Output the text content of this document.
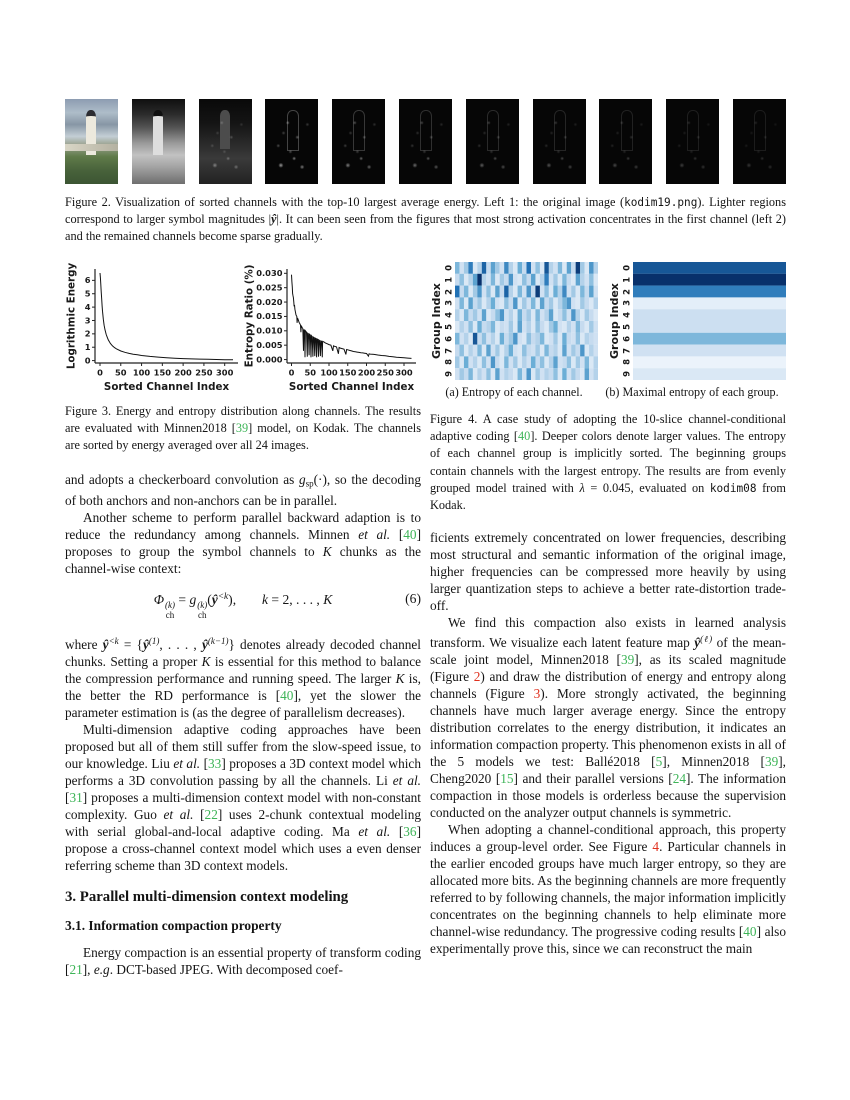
Figure 2. Visualization of sorted channels with the top-10 largest average energy. Left 1: the original image (kodim19.png). Lighter regions correspond to larger symbol magnitudes |ŷ|. It can been seen from the figures that most strong activation concentrates in the first channel (left 2) and the remained channels become sparse gradually.
0 50 100 150 200 250 300
0
1
2
3
4
5
6
Sorted Channel Index
Logrithmic Energy
0 50 100 150 200 250 300
0.000
0.005
0.010
0.015
0.020
0.025
0.030
Sorted Channel Index
Entropy Ratio (%)
Figure 3. Energy and entropy distribution along channels. The results are evaluated with Minnen2018 [39] model, on Kodak. The channels are sorted by energy averaged over all 24 images.

and adopts a checkerboard convolution as $g_{sp}(\cdot)$, so the decoding of both anchors and non-anchors can be in parallel.

Another scheme to perform parallel backward adaption is to reduce the redundancy among channels. Minnen et al. [40] proposes to group the symbol channels to K chunks as the channel-wise context:

Φ (k)
ch
= g (k)
ch
$(ŷ^{<k})$, k = 2, . . . , K	(6)

where $ŷ^{<k}$ = {$ŷ^{(1)}$, . . . , $ŷ^{(k-1)}$} denotes already decoded channel chunks. Setting a proper K is essential for this method to balance the compression performance and running speed. The larger K is, the better the RD performance is [40], yet the slower the parameter estimation is (as the degree of parallelism decreases).

Multi-dimension adaptive coding approaches have been proposed but all of them still suffer from the slow-speed issue, to our knowledge. Liu et al. [33] proposes a 3D context model which performs a 3D convolution passing by all the channels. Li et al. [31] proposes a multi-dimension context model with non-constant complexity. Guo et al. [22] uses 2-chunk contextual modeling with serial global-and-local adaptive coding. Ma et al. [36] propose a cross-channel context model which uses a even denser referring scheme than 3D context models.

3. Parallel multi-dimension context modeling
3.1. Information compaction property

Energy compaction is an essential property of transform coding [21], e.g. DCT-based JPEG. With decomposed coef-

Group Index
0
1
2
3
4
5
6
7
8
9
Group Index
0
1
2
3
4
5
6
7
8
9
(a) Entropy of each channel.	(b) Maximal entropy of each group.
Figure 4. A case study of adopting the 10-slice channel-conditional adaptive coding [40]. Deeper colors denote larger values. The entropy of each channel group is implicitly sorted. The beginning groups contain channels with the largest entropy. The results are from evenly grouped model trained with λ = 0.045, evaluated on kodim08 from Kodak.

ficients extremely concentrated on lower frequencies, describing most structural and semantic information of the original image, higher frequencies can be compressed more heavily by using larger quantization steps to achieve a better rate-distortion trade-off.

We find this compaction also exists in learned analysis transform. We visualize each latent feature map $ŷ^{(\ell)}$ of the mean-scale joint model, Minnen2018 [39], as its scaled magnitude (Figure 2) and draw the distribution of energy and entropy along channels (Figure 3). More strongly activated, the beginning channels have much larger average energy. Since the entropy distribution correlates to the energy distribution, it indicates an information compaction property. This phenomenon exists in all of the 5 models we test: Ballé2018 [5], Minnen2018 [39], Cheng2020 [15] and their parallel versions [24]. The information compaction in those models is orderless because the supervision conducted on the analyzer output channels is symmetric.

When adopting a channel-conditional approach, this property induces a group-level order. See Figure 4. Particular channels in the earlier encoded groups have much larger entropy, so they are allocated more bits. As the beginning channels are more frequently referred to by following channels, the major information implicitly concentrates on the beginning channels to help eliminate more channel-wise redundancy. The progressive coding results [40] also experimentally prove this, since we can reconstruct the main
